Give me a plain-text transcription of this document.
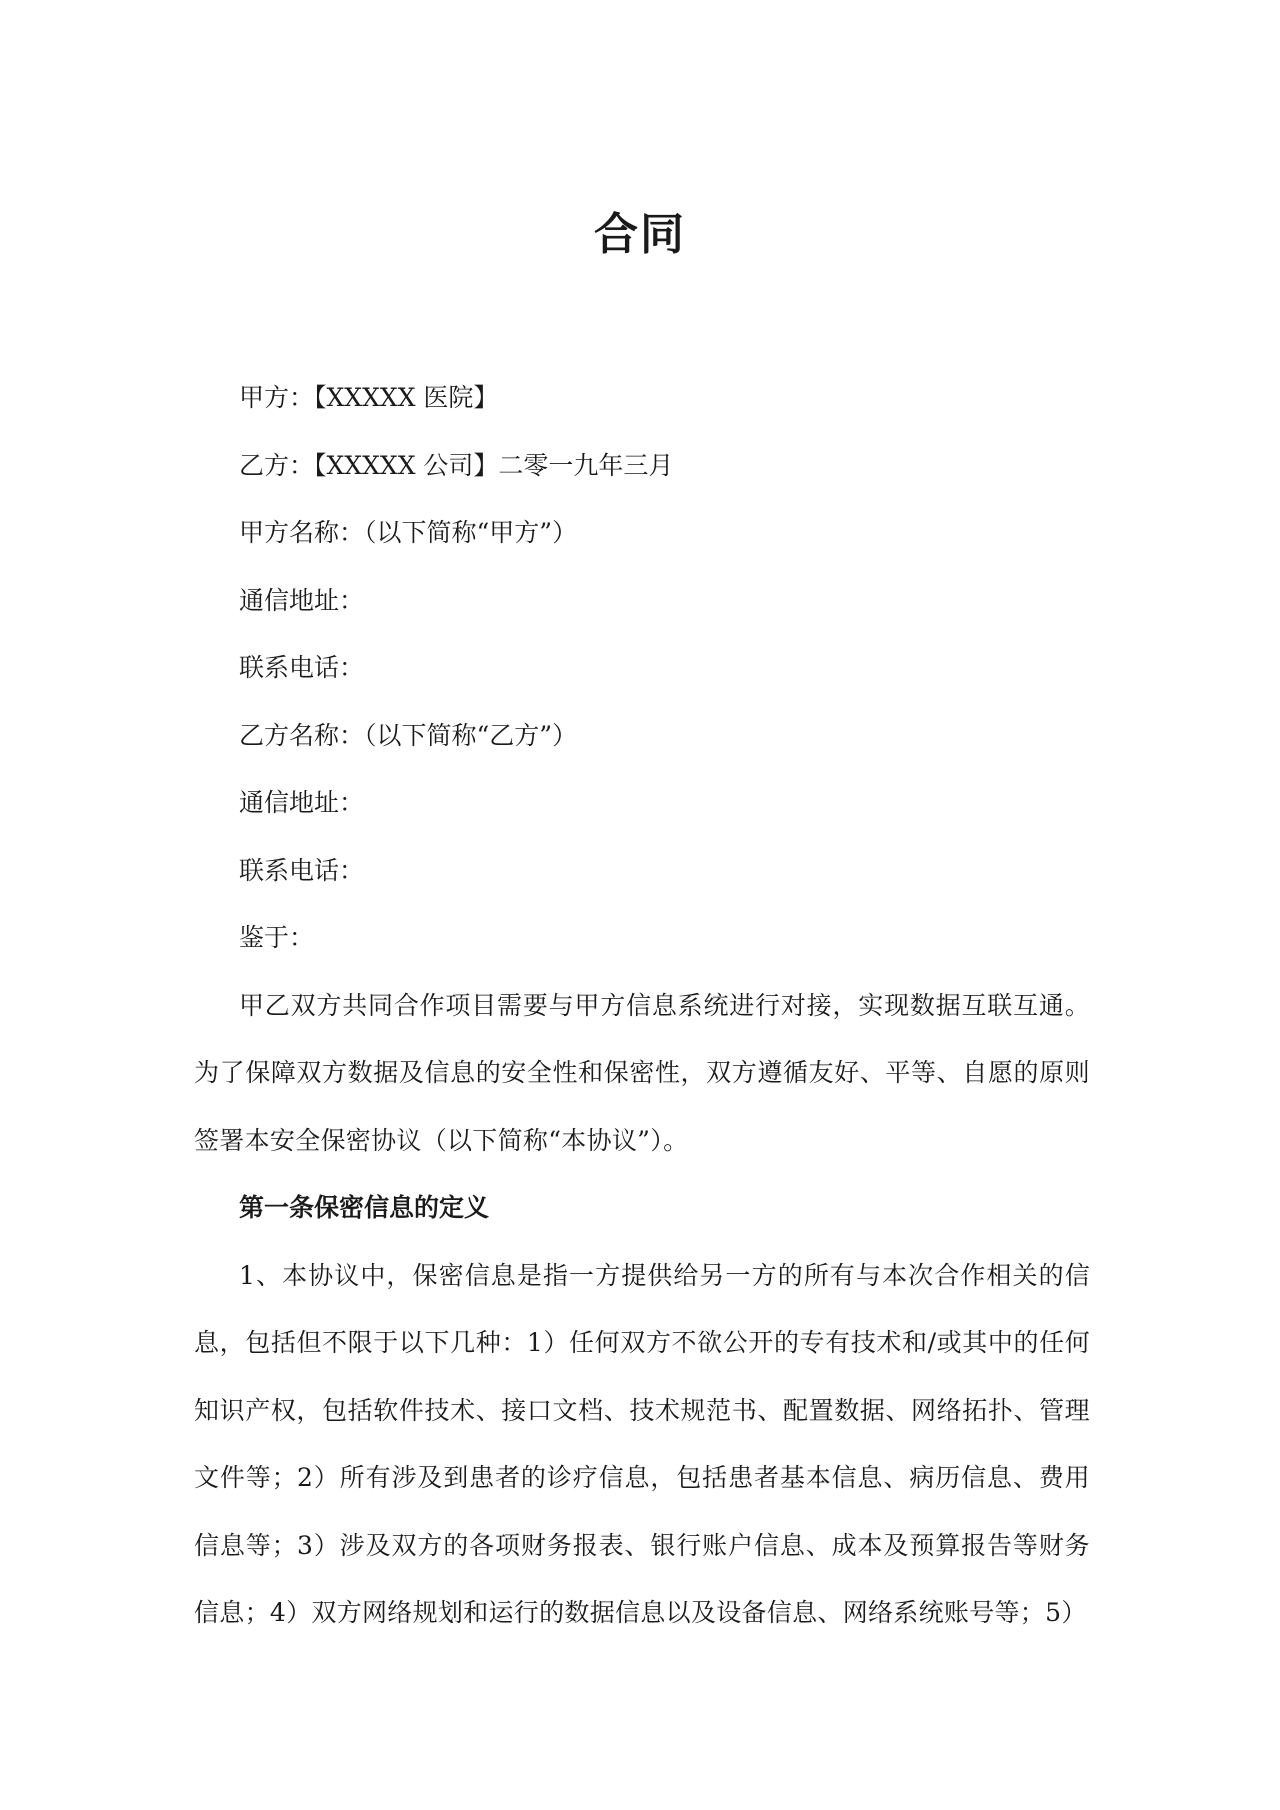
合同

甲方：【XXXXX 医院】

乙方：【XXXXX 公司】二零一九年三月

甲方名称：（以下简称“甲方”）

通信地址：

联系电话：

乙方名称：（以下简称“乙方”）

通信地址：

联系电话：

鉴于：

甲乙双方共同合作项目需要与甲方信息系统进行对接，实现数据互联互通。为了保障双方数据及信息的安全性和保密性，双方遵循友好、平等、自愿的原则签署本安全保密协议（以下简称“本协议”）。

第一条保密信息的定义

1、本协议中，保密信息是指一方提供给另一方的所有与本次合作相关的信息，包括但不限于以下几种：1）任何双方不欲公开的专有技术和/或其中的任何知识产权，包括软件技术、接口文档、技术规范书、配置数据、网络拓扑、管理文件等；2）所有涉及到患者的诊疗信息，包括患者基本信息、病历信息、费用信息等；3）涉及双方的各项财务报表、银行账户信息、成本及预算报告等财务信息；4）双方网络规划和运行的数据信息以及设备信息、网络系统账号等；5）
